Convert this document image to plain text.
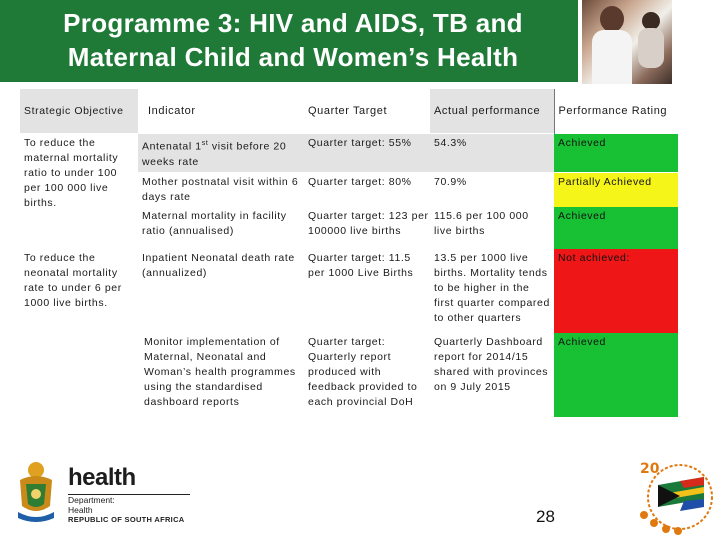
Programme 3: HIV and AIDS, TB and
Maternal Child and Women’s Health
Strategic Objective	Indicator	Quarter Target	Actual performance	Performance Rating
To reduce the maternal mortality ratio to under 100 per 100 000 live births.	Antenatal 1st visit before 20 weeks rate	Quarter target: 55%	54.3%	Achieved
	Mother postnatal visit within 6 days rate	Quarter target: 80%	70.9%	Partially Achieved
	Maternal mortality in facility ratio (annualised)	Quarter target: 123 per 100000 live births	115.6 per 100 000 live births	Achieved
To reduce the neonatal mortality rate to under 6 per 1000 live births.	Inpatient Neonatal death rate (annualized)	Quarter target: 11.5 per 1000 Live Births	13.5 per 1000 live births. Mortality tends to be higher in the first quarter compared to other quarters	Not achieved:
	Monitor implementation of Maternal, Neonatal and Woman’s health programmes using the standardised dashboard reports	Quarter target: Quarterly report produced with feedback provided to each provincial DoH	Quarterly Dashboard report for 2014/15 shared with provinces on 9 July 2015	Achieved
health
Department:
Health
REPUBLIC OF SOUTH AFRICA	28
20
